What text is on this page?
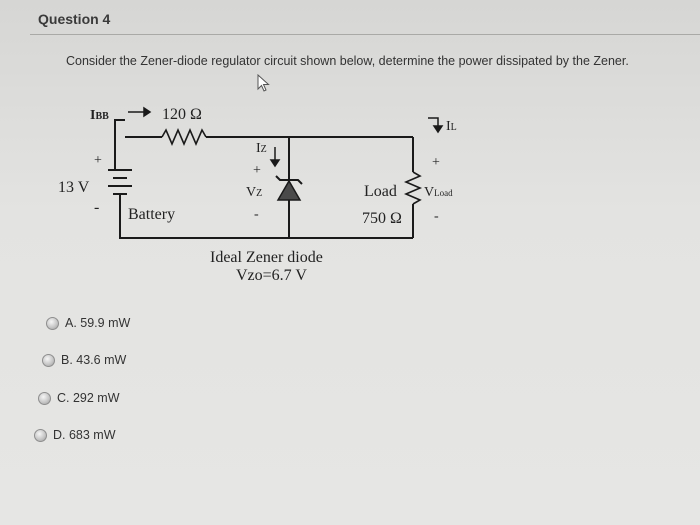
Question 4
Consider the Zener-diode regulator circuit shown below, determine the power dissipated by the Zener.
IBB	120 Ω
+
13 V
- Battery
IZ
+
VZ
-
Ideal Zener diode
Vzo=6.7 V
Load
750 Ω
IL
+
VLoad
-
A. 59.9 mW
B. 43.6 mW
C. 292 mW
D. 683 mW
